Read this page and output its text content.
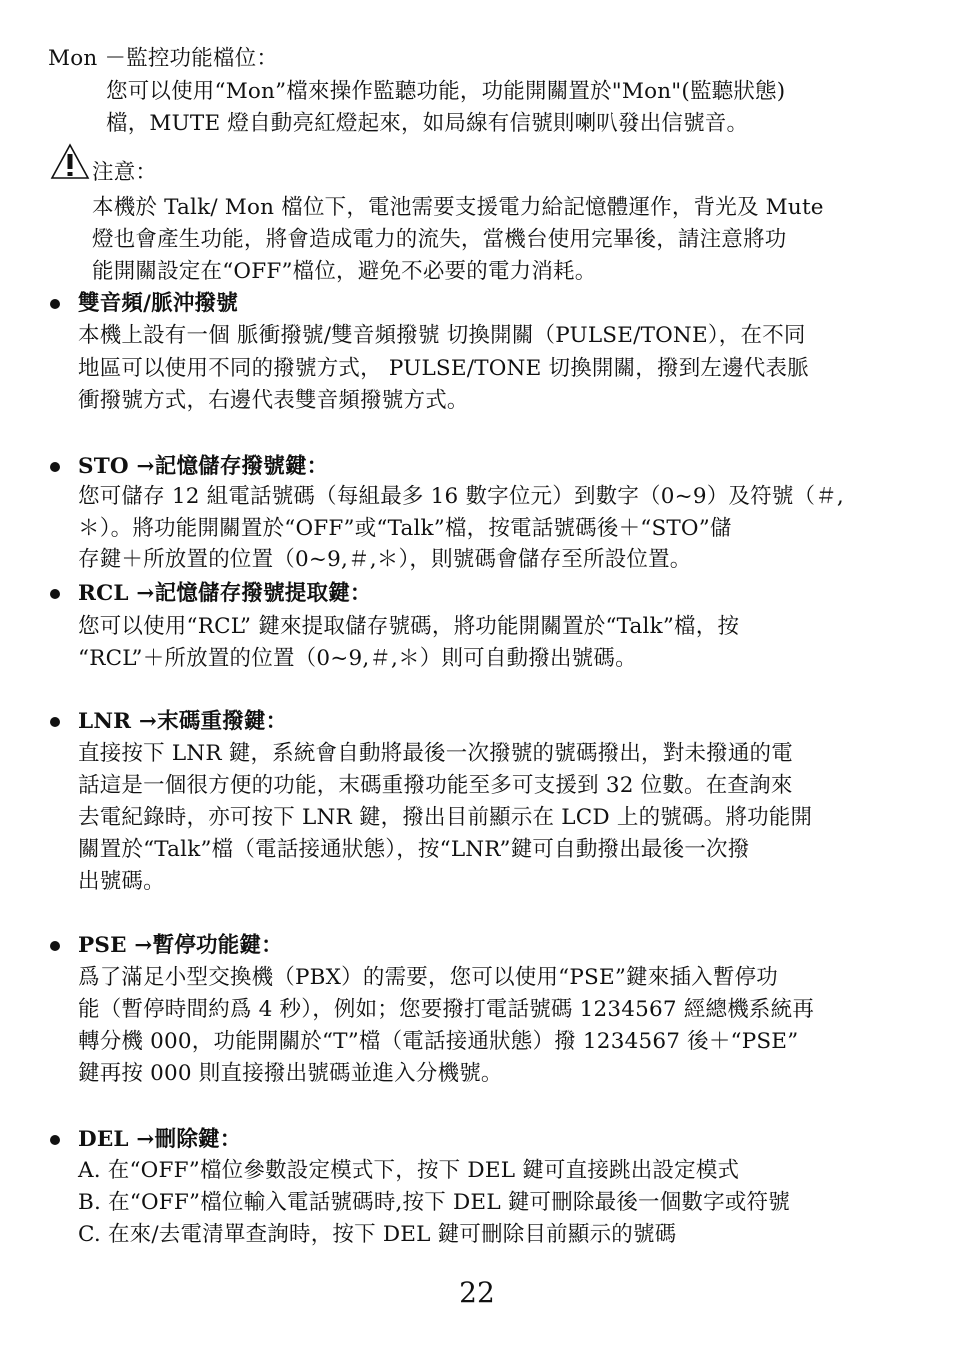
Mon －監控功能檔位：
您可以使用“Mon”檔來操作監聽功能，功能開關置於"Mon"(監聽狀態)
檔，MUTE 燈自動亮紅燈起來，如局線有信號則喇叭發出信號音。
注意：
本機於 Talk/ Mon 檔位下，電池需要支援電力給記憶體運作，背光及 Mute
燈也會產生功能，將會造成電力的流失，當機台使用完畢後，請注意將功
能開關設定在“OFF”檔位，避免不必要的電力消耗。
雙音頻/脈沖撥號
本機上設有一個 脈衝撥號/雙音頻撥號 切換開關（PULSE/TONE），在不同
地區可以使用不同的撥號方式， PULSE/TONE 切換開關，撥到左邊代表脈
衝撥號方式，右邊代表雙音頻撥號方式。
STO →記憶儲存撥號鍵：
您可儲存 12 組電話號碼（每組最多 16 數字位元）到數字（0~9）及符號（＃,
＊）。將功能開關置於“OFF”或“Talk”檔，按電話號碼後＋“STO”儲
存鍵＋所放置的位置（0~9,＃,＊），則號碼會儲存至所設位置。
RCL →記憶儲存撥號提取鍵：
您可以使用“RCL” 鍵來提取儲存號碼，將功能開關置於“Talk”檔，按
“RCL”＋所放置的位置（0~9,＃,＊）則可自動撥出號碼。
LNR →末碼重撥鍵：
直接按下 LNR 鍵，系統會自動將最後一次撥號的號碼撥出，對未撥通的電
話這是一個很方便的功能，末碼重撥功能至多可支援到 32 位數。在查詢來
去電紀錄時，亦可按下 LNR 鍵，撥出目前顯示在 LCD 上的號碼。將功能開
關置於“Talk”檔（電話接通狀態），按“LNR”鍵可自動撥出最後一次撥
出號碼。
PSE →暫停功能鍵：
爲了滿足小型交換機（PBX）的需要，您可以使用“PSE”鍵來插入暫停功
能（暫停時間約爲 4 秒），例如；您要撥打電話號碼 1234567 經總機系統再
轉分機 000，功能開關於“T”檔（電話接通狀態）撥 1234567 後＋“PSE”
鍵再按 000 則直接撥出號碼並進入分機號。
DEL →刪除鍵：
A. 在“OFF”檔位參數設定模式下，按下 DEL 鍵可直接跳出設定模式
B. 在“OFF”檔位輸入電話號碼時,按下 DEL 鍵可刪除最後一個數字或符號
C. 在來/去電清單查詢時，按下 DEL 鍵可刪除目前顯示的號碼
22
